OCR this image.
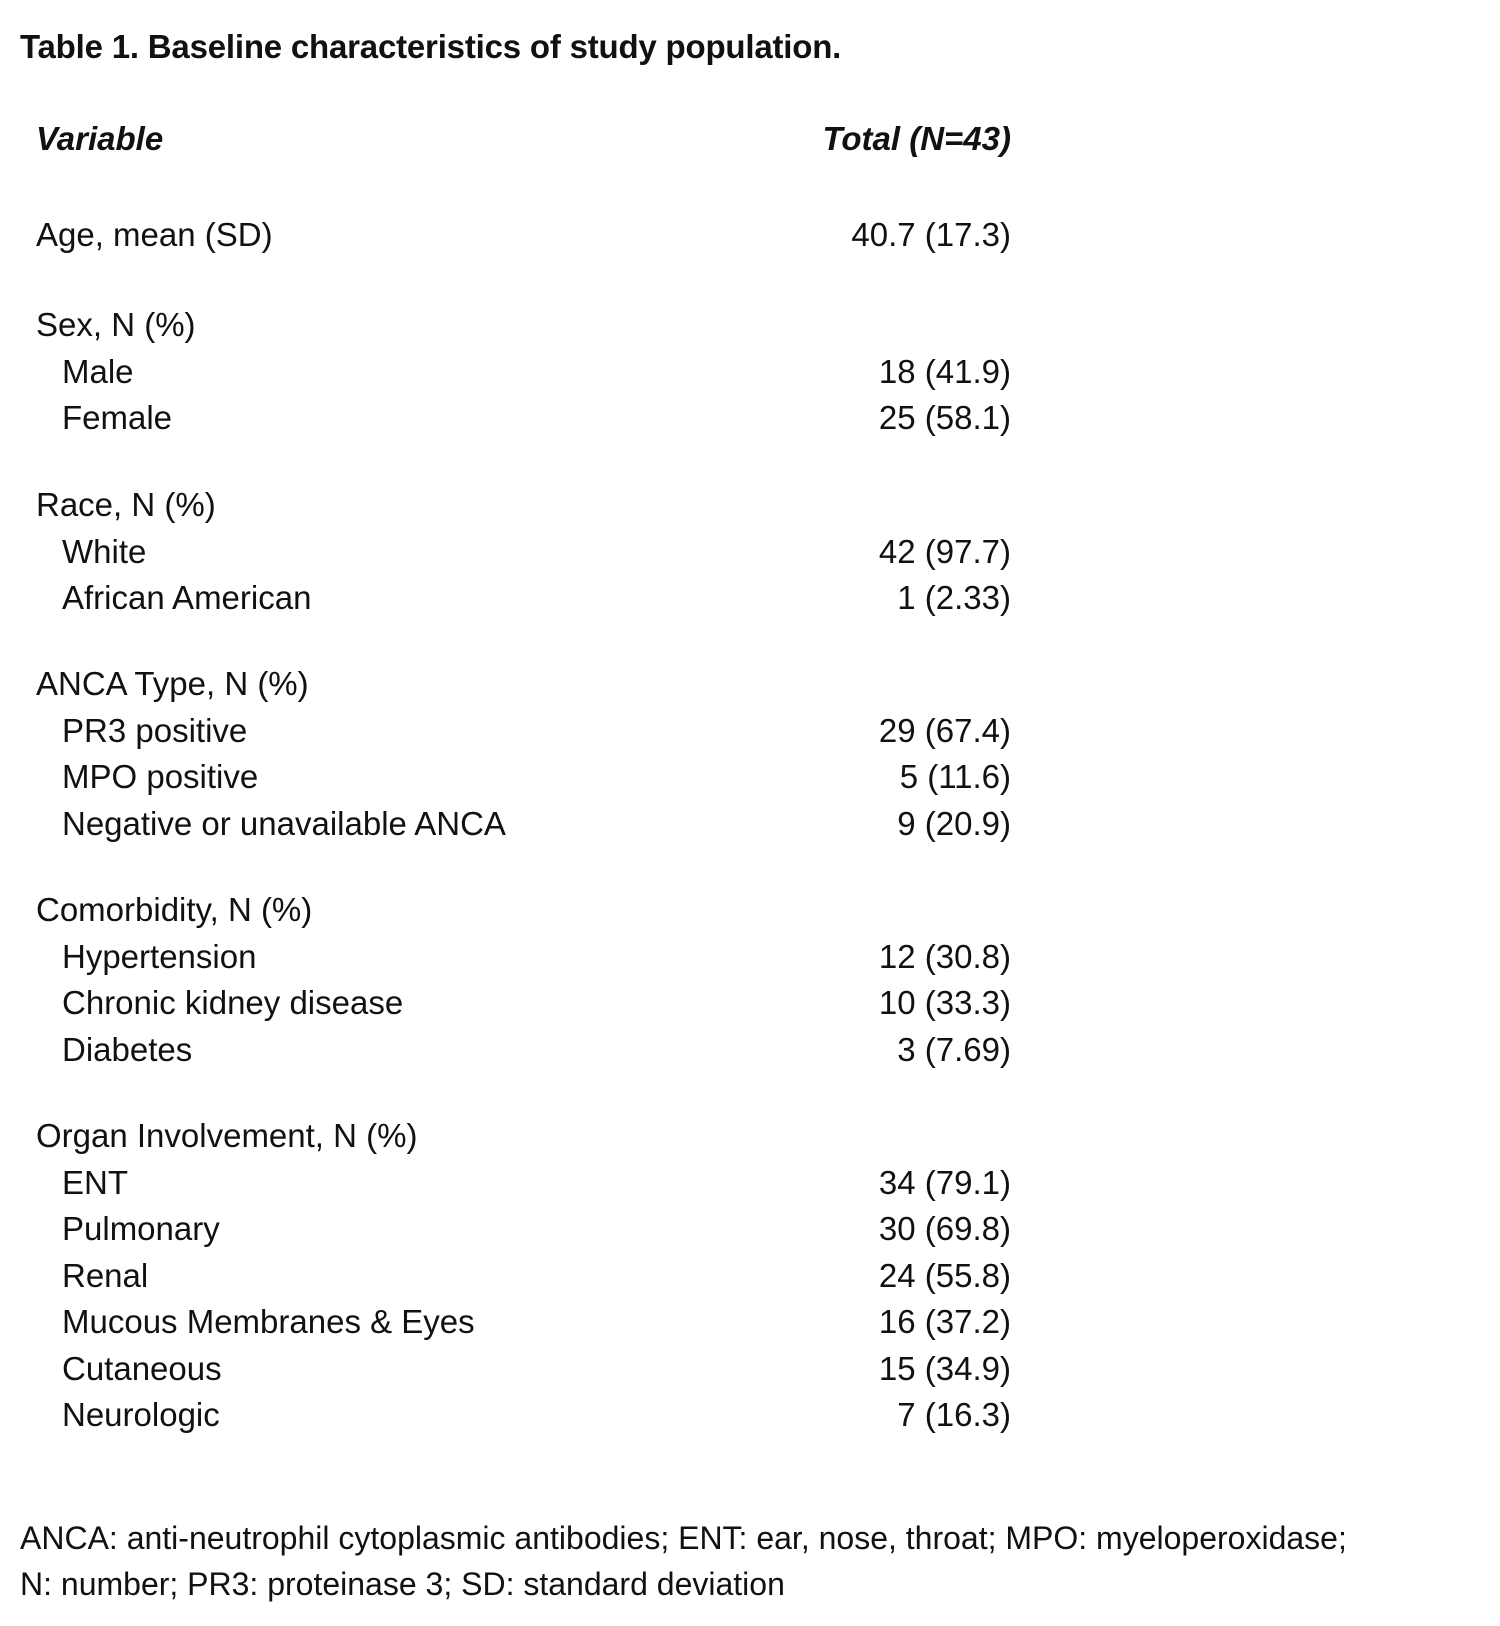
Table 1. Baseline characteristics of study population.
Variable	Total (N=43)
Age, mean (SD)	40.7 (17.3)
Sex, N (%)
Male	18 (41.9)
Female	25 (58.1)
Race, N (%)
White	42 (97.7)
African American	1 (2.33)
ANCA Type, N (%)
PR3 positive	29 (67.4)
MPO positive	5 (11.6)
Negative or unavailable ANCA	9 (20.9)
Comorbidity, N (%)
Hypertension	12 (30.8)
Chronic kidney disease	10 (33.3)
Diabetes	3 (7.69)
Organ Involvement, N (%)
ENT	34 (79.1)
Pulmonary	30 (69.8)
Renal	24 (55.8)
Mucous Membranes & Eyes	16 (37.2)
Cutaneous	15 (34.9)
Neurologic	7 (16.3)
ANCA: anti-neutrophil cytoplasmic antibodies; ENT: ear, nose, throat; MPO: myeloperoxidase;
N: number; PR3: proteinase 3; SD: standard deviation
